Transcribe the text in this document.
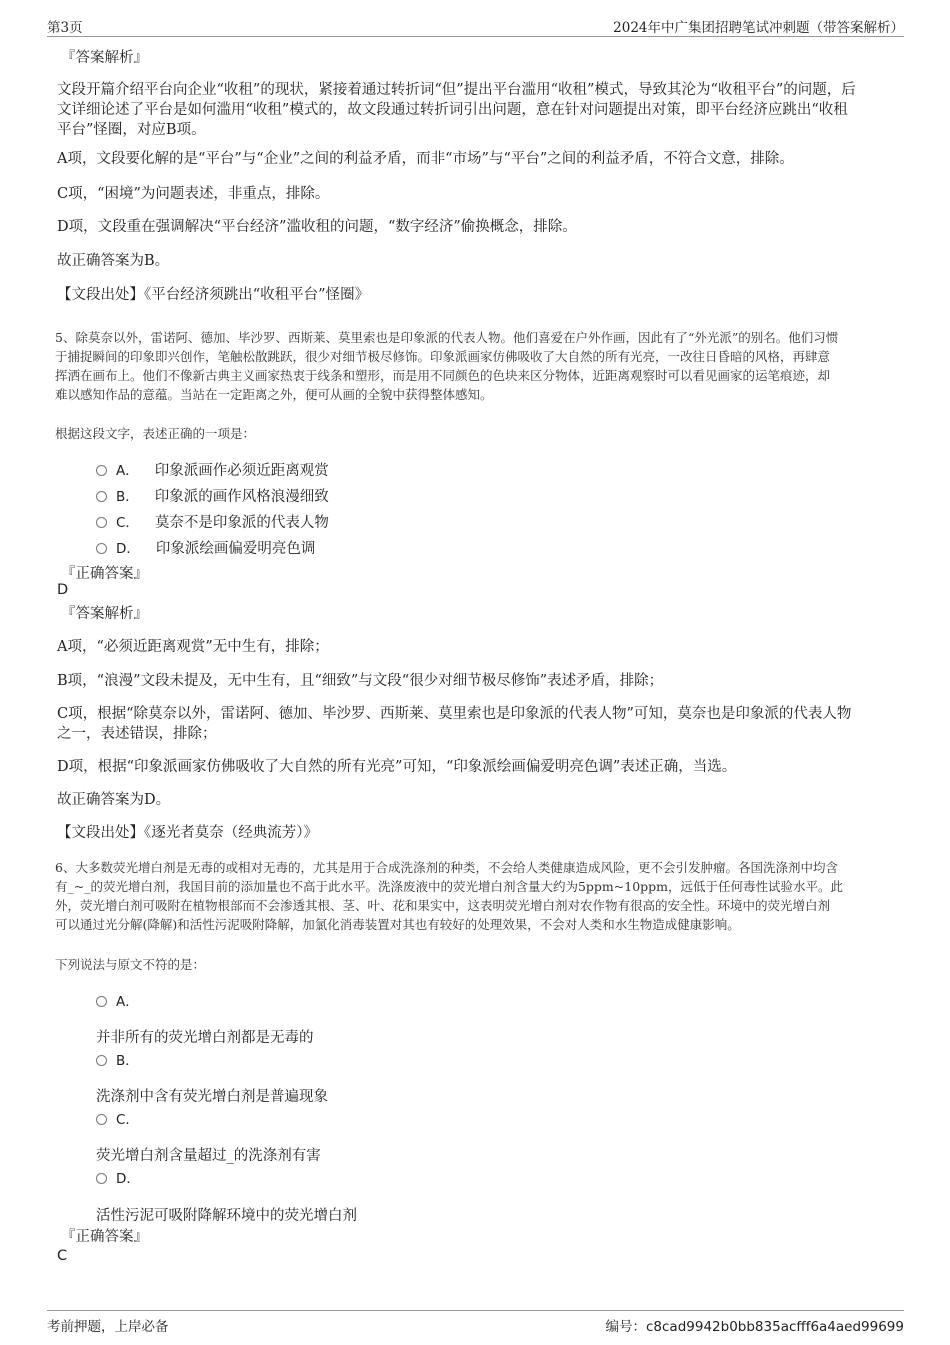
第3页	2024年中广集团招聘笔试冲刺题（带答案解析）
『答案解析』
文段开篇介绍平台向企业“收租”的现状，紧接着通过转折词“但”提出平台滥用“收租”模式，导致其沦为“收租平台”的问题，后
文详细论述了平台是如何滥用“收租”模式的，故文段通过转折词引出问题，意在针对问题提出对策，即平台经济应跳出“收租
平台”怪圈，对应B项。
A项，文段要化解的是“平台”与“企业”之间的利益矛盾，而非“市场”与“平台”之间的利益矛盾，不符合文意，排除。
C项，“困境”为问题表述，非重点，排除。
D项，文段重在强调解决“平台经济”滥收租的问题，“数字经济”偷换概念，排除。
故正确答案为B。
【文段出处】《平台经济须跳出“收租平台”怪圈》
5、除莫奈以外，雷诺阿、德加、毕沙罗、西斯莱、莫里索也是印象派的代表人物。他们喜爱在户外作画，因此有了“外光派”的别名。他们习惯
于捕捉瞬间的印象即兴创作，笔触松散跳跃，很少对细节极尽修饰。印象派画家仿佛吸收了大自然的所有光亮，一改往日昏暗的风格，再肆意
挥洒在画布上。他们不像新古典主义画家热衷于线条和塑形，而是用不同颜色的色块来区分物体，近距离观察时可以看见画家的运笔痕迹，却
难以感知作品的意蕴。当站在一定距离之外，便可从画的全貌中获得整体感知。
根据这段文字，表述正确的一项是：
A． 印象派画作必须近距离观赏
B． 印象派的画作风格浪漫细致
C． 莫奈不是印象派的代表人物
D． 印象派绘画偏爱明亮色调
『正确答案』
D
『答案解析』
A项，“必须近距离观赏”无中生有，排除；
B项，“浪漫”文段未提及，无中生有，且“细致”与文段“很少对细节极尽修饰”表述矛盾，排除；
C项，根据“除莫奈以外，雷诺阿、德加、毕沙罗、西斯莱、莫里索也是印象派的代表人物”可知，莫奈也是印象派的代表人物
之一，表述错误，排除；
D项，根据“印象派画家仿佛吸收了大自然的所有光亮”可知，“印象派绘画偏爱明亮色调”表述正确，当选。
故正确答案为D。
【文段出处】《逐光者莫奈（经典流芳）》
6、大多数荧光增白剂是无毒的或相对无毒的，尤其是用于合成洗涤剂的种类，不会给人类健康造成风险，更不会引发肿瘤。各国洗涤剂中均含
有_~_的荧光增白剂，我国目前的添加量也不高于此水平。洗涤废液中的荧光增白剂含量大约为5ppm~10ppm，远低于任何毒性试验水平。此
外，荧光增白剂可吸附在植物根部而不会渗透其根、茎、叶、花和果实中，这表明荧光增白剂对农作物有很高的安全性。环境中的荧光增白剂
可以通过光分解(降解)和活性污泥吸附降解，加氯化消毒装置对其也有较好的处理效果，不会对人类和水生物造成健康影响。
下列说法与原文不符的是：
A．
并非所有的荧光增白剂都是无毒的
B．
洗涤剂中含有荧光增白剂是普遍现象
C．
荧光增白剂含量超过_的洗涤剂有害
D．
活性污泥可吸附降解环境中的荧光增白剂
『正确答案』
C
考前押题，上岸必备	编号：c8cad9942b0bb835acfff6a4aed99699
